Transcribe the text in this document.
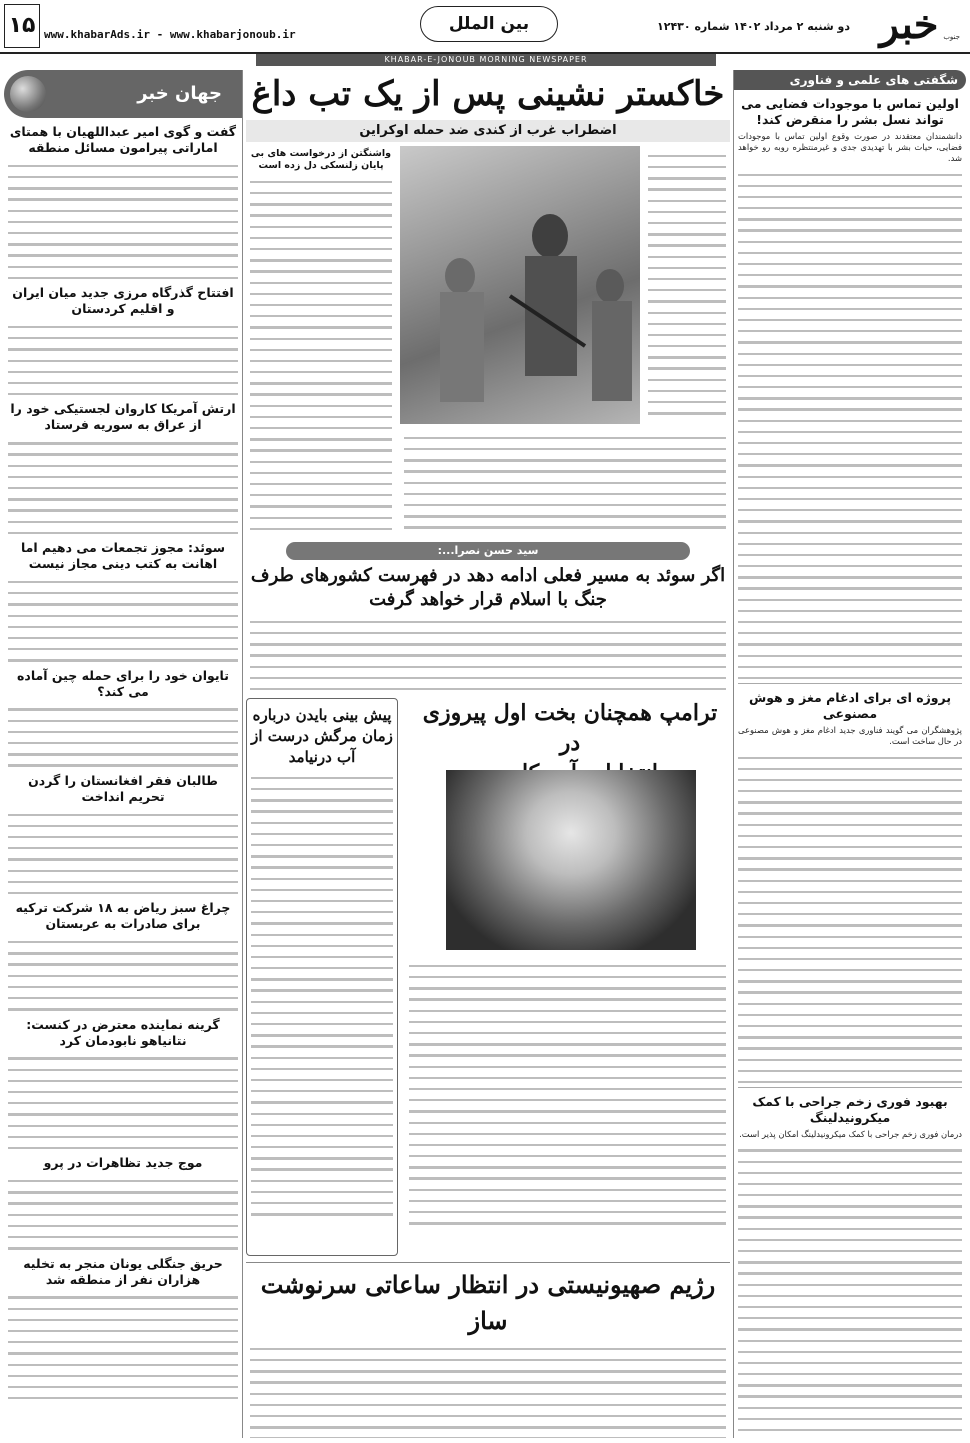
خبر جنوب
دو شنبه ۲ مرداد ۱۴۰۲ شماره ۱۲۴۳۰
بین الملل
www.khabarAds.ir - www.khabarjonoub.ir
۱۵
KHABAR-E-JONOUB MORNING NEWSPAPER
شگفتی های علمی و فناوری
اولین تماس با موجودات فضایی می تواند نسل بشر را منقرض کند!

دانشمندان معتقدند در صورت وقوع اولین تماس با موجودات فضایی، حیات بشر با تهدیدی جدی و غیرمنتظره روبه رو خواهد شد.

پروژه ای برای ادغام مغز و هوش مصنوعی

پژوهشگران می گویند فناوری جدید ادغام مغز و هوش مصنوعی در حال ساخت است.

بهبود فوری زخم جراحی با کمک میکرونیدلینگ

درمان فوری زخم جراحی با کمک میکرونیدلینگ امکان پذیر است.

جهان خبر
گفت و گوی امیر عبداللهیان با همتای اماراتی پیرامون مسائل منطقه
افتتاح گذرگاه مرزی جدید میان ایران و اقلیم کردستان
ارتش آمریکا کاروان لجستیکی خود را از عراق به سوریه فرستاد
سوئد: مجوز تجمعات می دهیم اما اهانت به کتب دینی مجاز نیست
تایوان خود را برای حمله چین آماده می کند؟
طالبان فقر افغانستان را گردن تحریم انداخت
چراغ سبز ریاض به ۱۸ شرکت ترکیه برای صادرات به عربستان
گرینه نماینده معترض در کنست: نتانیاهو نابودمان کرد
موج جدید تظاهرات در پرو
حریق جنگلی یونان منجر به تخلیه هزاران نفر از منطقه شد
خاکستر نشینی پس از یک تب داغ
اضطراب غرب از کندی ضد حمله اوکراین
واشنگتن از درخواست های بی پایان زلنسکی دل زده است
سید حسن نصرا...:
اگر سوئد به مسیر فعلی ادامه دهد در فهرست کشورهای طرف
جنگ با اسلام قرار خواهد گرفت
ترامپ همچنان بخت اول پیروزی در
پیش بینی بایدن درباره زمان مرگش درست از آب درنیامد
رژیم صهیونیستی در انتظار ساعاتی سرنوشت ساز
